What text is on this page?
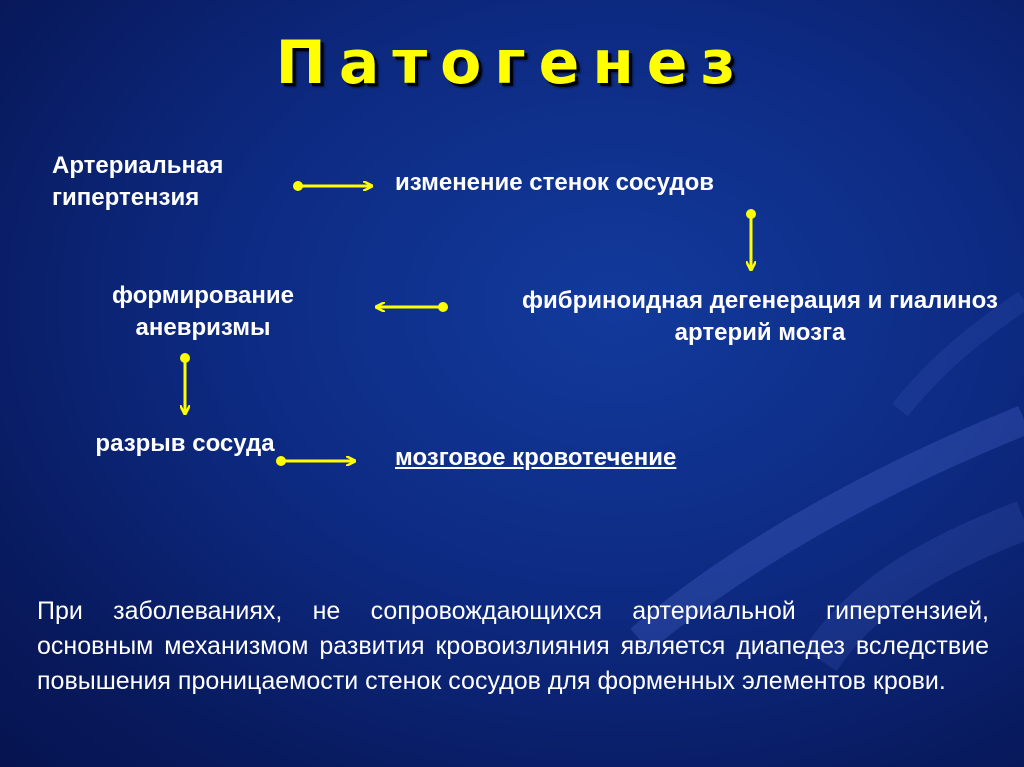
Патогенез
Артериальная гипертензия
изменение стенок сосудов
фибриноидная дегенерация и гиалиноз артерий мозга
формирование аневризмы
разрыв сосуда
мозговое кровотечение

При заболеваниях, не сопровождающихся артериальной гипертензией, основным механизмом развития кровоизлияния является диапедез вследствие повышения проницаемости стенок сосудов для форменных элементов крови.
